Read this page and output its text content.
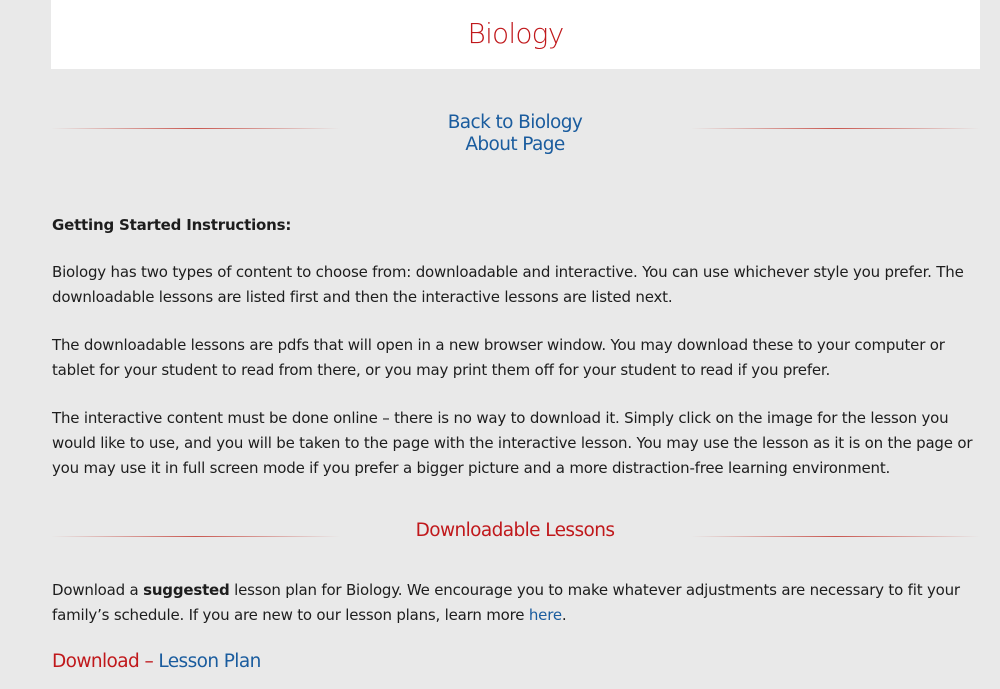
Biology
Back to Biology
About Page
Getting Started Instructions:
Biology has two types of content to choose from: downloadable and interactive. You can use whichever style you prefer. The downloadable lessons are listed first and then the interactive lessons are listed next.
The downloadable lessons are pdfs that will open in a new browser window. You may download these to your computer or tablet for your student to read from there, or you may print them off for your student to read if you prefer.
The interactive content must be done online – there is no way to download it. Simply click on the image for the lesson you would like to use, and you will be taken to the page with the interactive lesson. You may use the lesson as it is on the page or you may use it in full screen mode if you prefer a bigger picture and a more distraction-free learning environment.
Downloadable Lessons
Download a suggested lesson plan for Biology. We encourage you to make whatever adjustments are necessary to fit your family’s schedule. If you are new to our lesson plans, learn more here.
Download – Lesson Plan
